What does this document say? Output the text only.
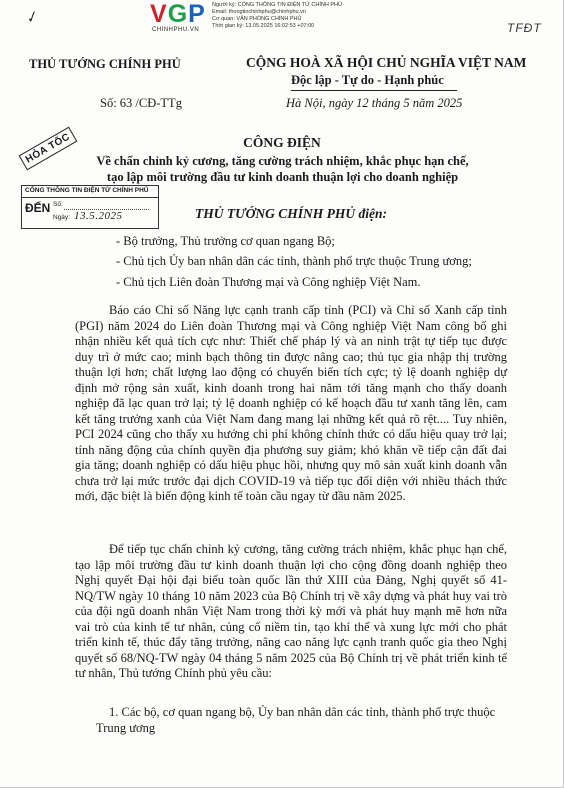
VGP
CHINHPHU.VN
Người ký: CỔNG THÔNG TIN ĐIỆN TỬ CHÍNH PHỦ
Email: thongtinchinhphu@chinhphu.vn
Cơ quan: VĂN PHÒNG CHÍNH PHỦ
Thời gian ký: 13.05.2025 16:02:53 +07:00
✓
TFĐT
THỦ TƯỚNG CHÍNH PHỦ	CỘNG HOÀ XÃ HỘI CHỦ NGHĨA VIỆT NAM
Độc lập - Tự do - Hạnh phúc
Số: 63 /CĐ-TTg	Hà Nội, ngày 12 tháng 5 năm 2025
HỎA TỐC	CÔNG ĐIỆN
Về chấn chỉnh kỷ cương, tăng cường trách nhiệm, khắc phục hạn chế,
tạo lập môi trường đầu tư kinh doanh thuận lợi cho doanh nghiệp
CỔNG THÔNG TIN ĐIỆN TỬ CHÍNH PHỦ
ĐẾN Số:
Ngày: 13.5.2025	THỦ TƯỚNG CHÍNH PHỦ điện:
- Bộ trưởng, Thủ trưởng cơ quan ngang Bộ;
- Chủ tịch Ủy ban nhân dân các tỉnh, thành phố trực thuộc Trung ương;
- Chủ tịch Liên đoàn Thương mại và Công nghiệp Việt Nam.
Báo cáo Chỉ số Năng lực cạnh tranh cấp tỉnh (PCI) và Chỉ số Xanh cấp tỉnh (PGI) năm 2024 do Liên đoàn Thương mại và Công nghiệp Việt Nam công bố ghi nhận nhiều kết quả tích cực như: Thiết chế pháp lý và an ninh trật tự tiếp tục được duy trì ở mức cao; minh bạch thông tin được nâng cao; thủ tục gia nhập thị trường thuận lợi hơn; chất lượng lao động có chuyển biến tích cực; tỷ lệ doanh nghiệp dự định mở rộng sản xuất, kinh doanh trong hai năm tới tăng mạnh cho thấy doanh nghiệp đã lạc quan trở lại; tỷ lệ doanh nghiệp có kế hoạch đầu tư xanh tăng lên, cam kết tăng trưởng xanh của Việt Nam đang mang lại những kết quả rõ rệt.... Tuy nhiên, PCI 2024 cũng cho thấy xu hướng chi phí không chính thức có dấu hiệu quay trở lại; tính năng động của chính quyền địa phương suy giảm; khó khăn về tiếp cận đất đai gia tăng; doanh nghiệp có dấu hiệu phục hồi, nhưng quy mô sản xuất kinh doanh vẫn chưa trở lại mức trước đại dịch COVID-19 và tiếp tục đối diện với nhiều thách thức mới, đặc biệt là biến động kinh tế toàn cầu ngay từ đầu năm 2025.
Để tiếp tục chấn chỉnh kỷ cương, tăng cường trách nhiệm, khắc phục hạn chế, tạo lập môi trường đầu tư kinh doanh thuận lợi cho cộng đồng doanh nghiệp theo Nghị quyết Đại hội đại biểu toàn quốc lần thứ XIII của Đảng, Nghị quyết số 41-NQ/TW ngày 10 tháng 10 năm 2023 của Bộ Chính trị về xây dựng và phát huy vai trò của đội ngũ doanh nhân Việt Nam trong thời kỳ mới và phát huy mạnh mẽ hơn nữa vai trò của kinh tế tư nhân, củng cố niềm tin, tạo khí thế và xung lực mới cho phát triển kinh tế, thúc đẩy tăng trưởng, nâng cao năng lực cạnh tranh quốc gia theo Nghị quyết số 68/NQ-TW ngày 04 tháng 5 năm 2025 của Bộ Chính trị về phát triển kinh tế tư nhân, Thủ tướng Chính phủ yêu cầu:
1. Các bộ, cơ quan ngang bộ, Ủy ban nhân dân các tỉnh, thành phố trực thuộc Trung ương
